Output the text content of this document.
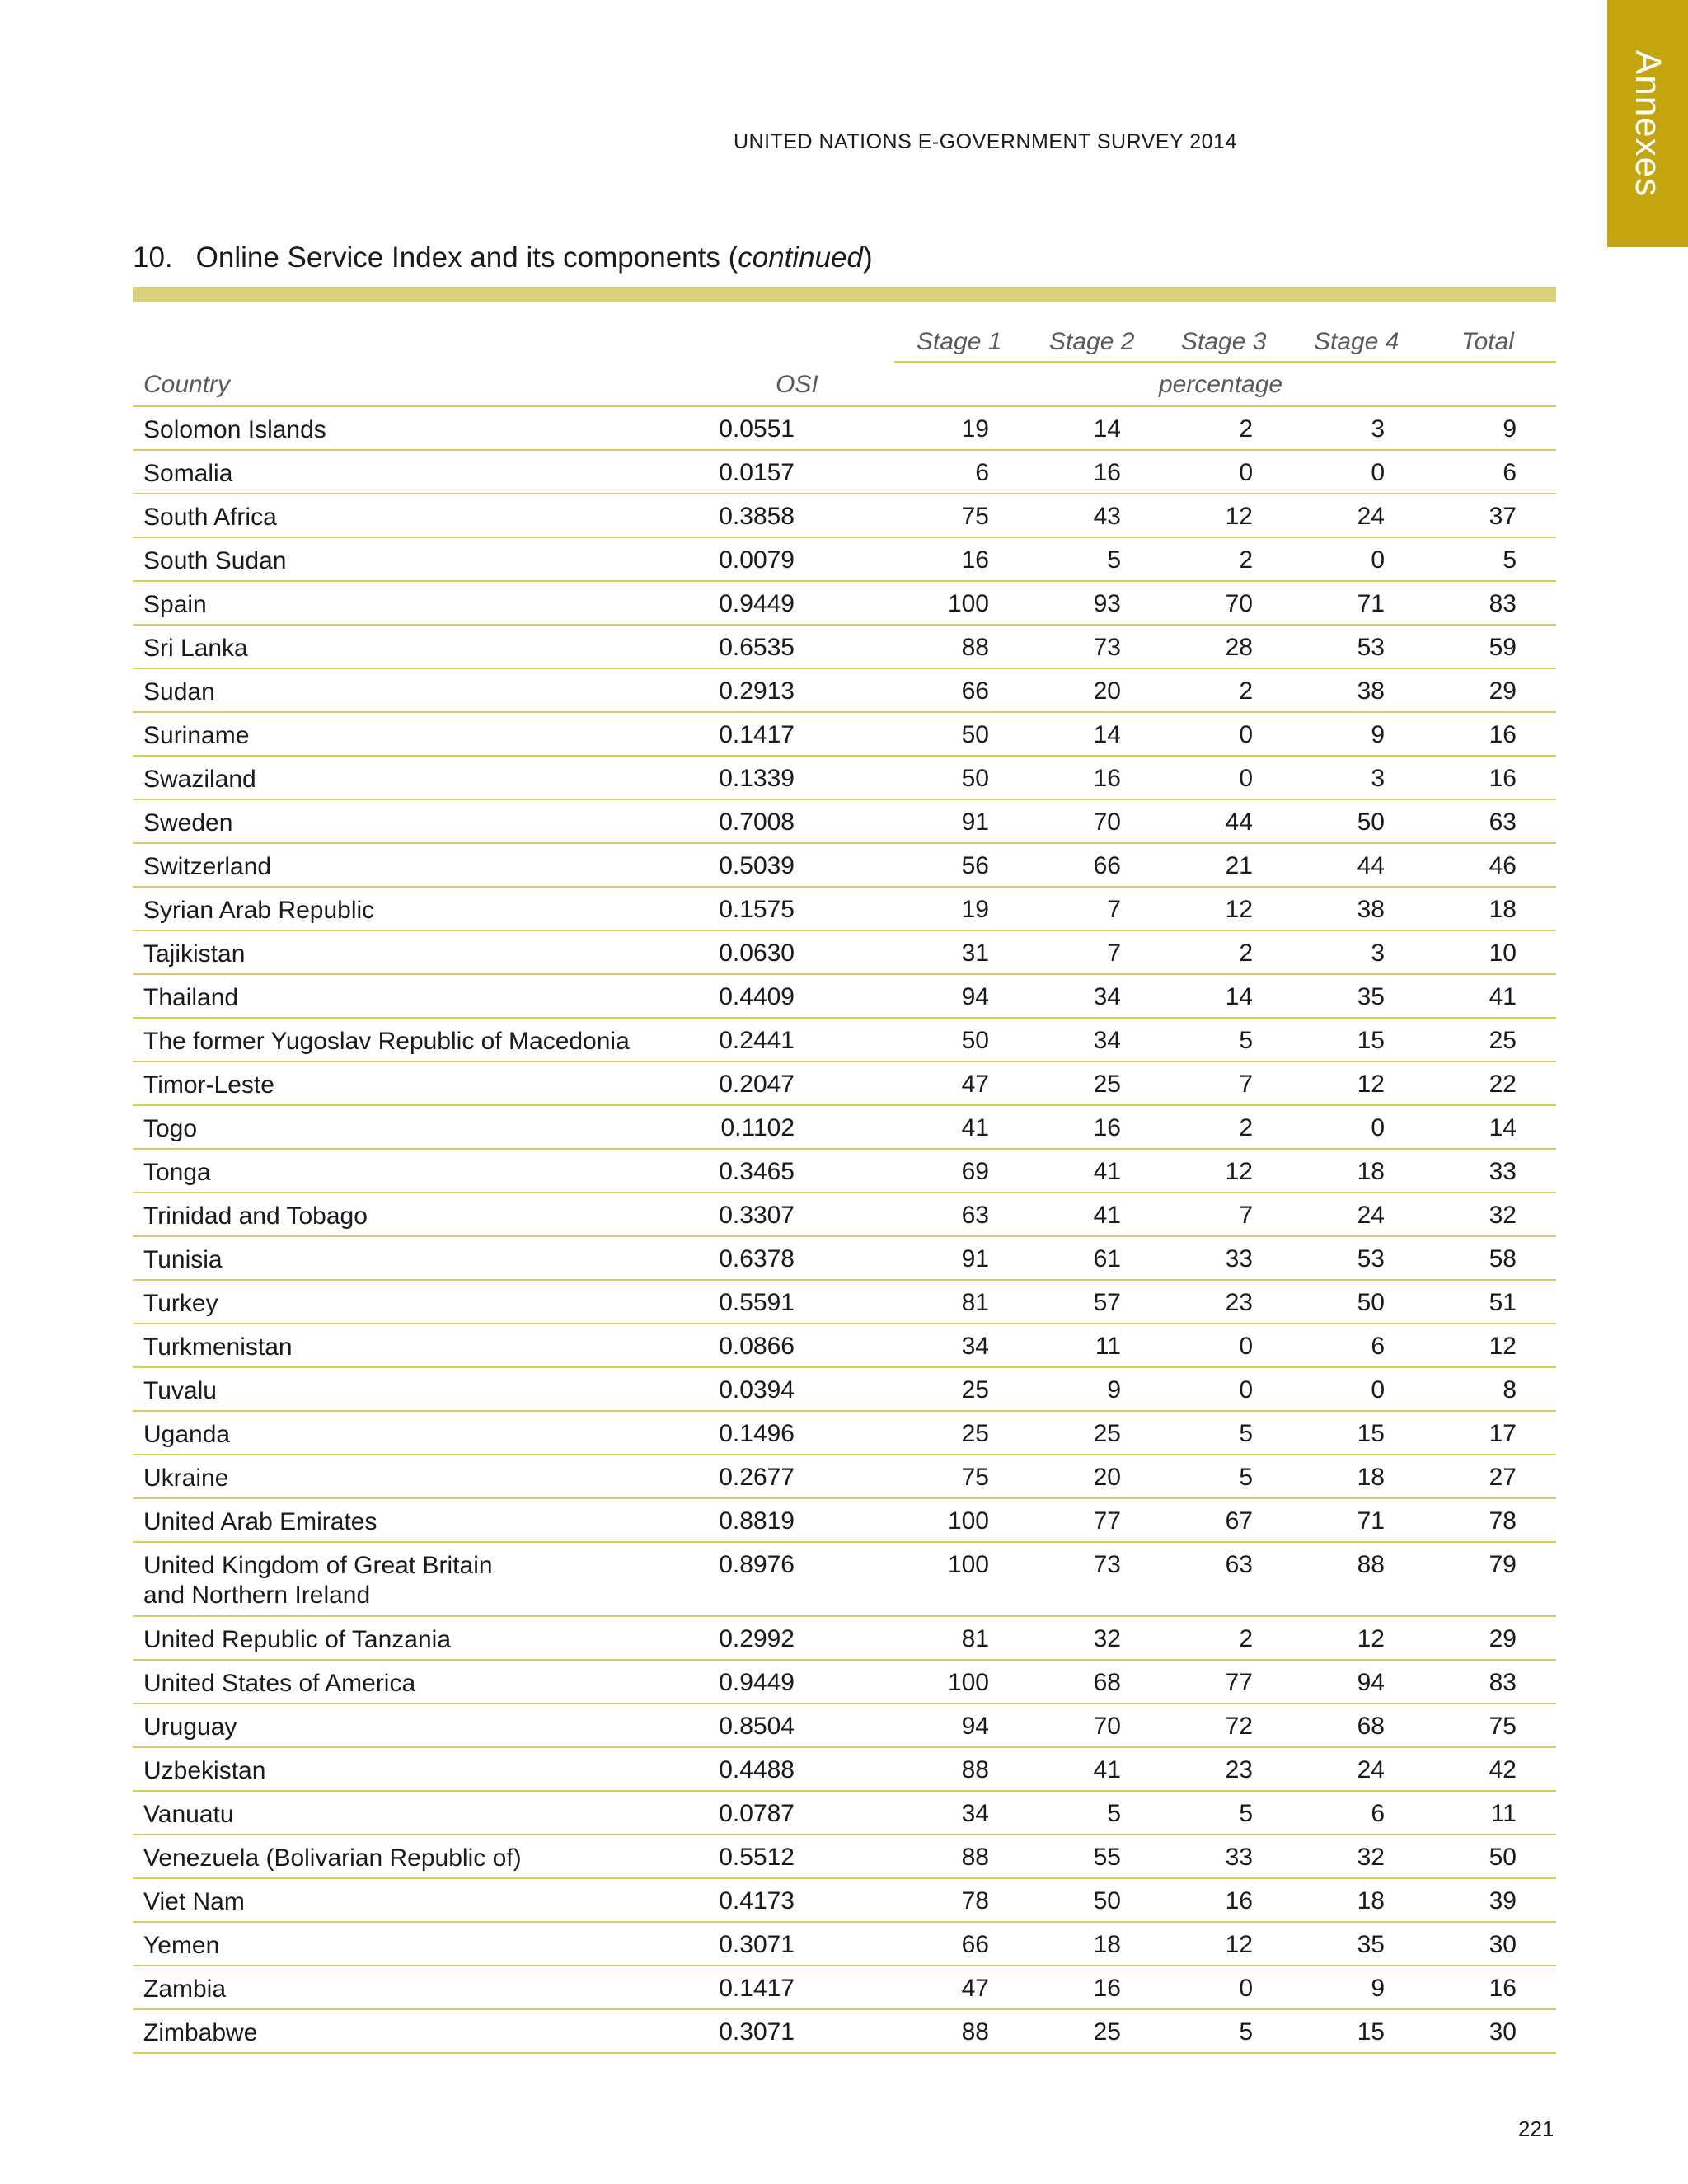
Annexes
UNITED NATIONS E-GOVERNMENT SURVEY 2014
10. Online Service Index and its components (continued)
Stage 1 Stage 2 Stage 3 Stage 4	Total
Country	OSI	percentage
Solomon Islands	0.0551	19	14	2	3	9
Somalia	0.0157	6	16	0	0	6
South Africa	0.3858	75	43	12	24	37
South Sudan	0.0079	16	5	2	0	5
Spain	0.9449	100	93	70	71	83
Sri Lanka	0.6535	88	73	28	53	59
Sudan	0.2913	66	20	2	38	29
Suriname	0.1417	50	14	0	9	16
Swaziland	0.1339	50	16	0	3	16
Sweden	0.7008	91	70	44	50	63
Switzerland	0.5039	56	66	21	44	46
Syrian Arab Republic	0.1575	19	7	12	38	18
Tajikistan	0.0630	31	7	2	3	10
Thailand	0.4409	94	34	14	35	41
The former Yugoslav Republic of Macedonia	0.2441	50	34	5	15	25
Timor-Leste	0.2047	47	25	7	12	22
Togo	0.1102	41	16	2	0	14
Tonga	0.3465	69	41	12	18	33
Trinidad and Tobago	0.3307	63	41	7	24	32
Tunisia	0.6378	91	61	33	53	58
Turkey	0.5591	81	57	23	50	51
Turkmenistan	0.0866	34	11	0	6	12
Tuvalu	0.0394	25	9	0	0	8
Uganda	0.1496	25	25	5	15	17
Ukraine	0.2677	75	20	5	18	27
United Arab Emirates	0.8819	100	77	67	71	78
United Kingdom of Great Britain
and Northern Ireland
0.8976	100	73	63	88	79
United Republic of Tanzania	0.2992	81	32	2	12	29
United States of America	0.9449	100	68	77	94	83
Uruguay	0.8504	94	70	72	68	75
Uzbekistan	0.4488	88	41	23	24	42
Vanuatu	0.0787	34	5	5	6	11
Venezuela (Bolivarian Republic of)	0.5512	88	55	33	32	50
Viet Nam	0.4173	78	50	16	18	39
Yemen	0.3071	66	18	12	35	30
Zambia	0.1417	47	16	0	9	16
Zimbabwe	0.3071	88	25	5	15	30
221
